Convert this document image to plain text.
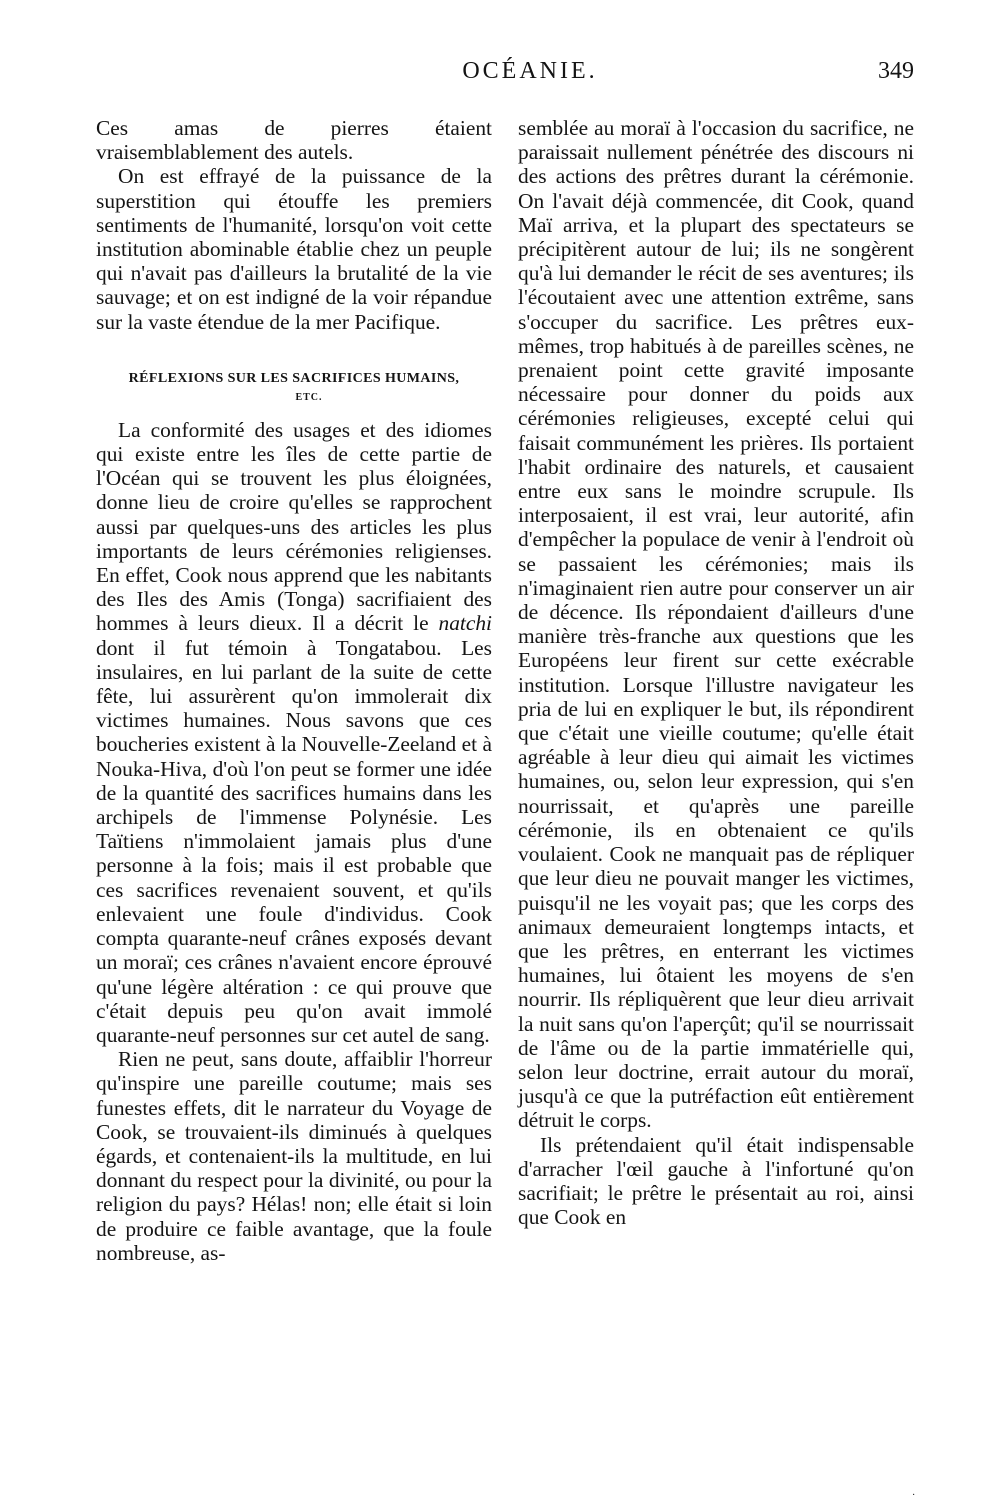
OCÉANIE.	349

Ces amas de pierres étaient vraisemblablement des autels.

On est effrayé de la puissance de la superstition qui étouffe les premiers sentiments de l'humanité, lorsqu'on voit cette institution abominable établie chez un peuple qui n'avait pas d'ailleurs la brutalité de la vie sauvage; et on est indigné de la voir répandue sur la vaste étendue de la mer Pacifique.

RÉFLEXIONS SUR LES SACRIFICES HUMAINS,
ETC.

La conformité des usages et des idiomes qui existe entre les îles de cette partie de l'Océan qui se trouvent les plus éloignées, donne lieu de croire qu'elles se rapprochent aussi par quelques-uns des articles les plus importants de leurs cérémonies religienses. En effet, Cook nous apprend que les nabitants des Iles des Amis (Tonga) sacrifiaient des hommes à leurs dieux. Il a décrit le natchi dont il fut témoin à Tongatabou. Les insulaires, en lui parlant de la suite de cette fête, lui assurèrent qu'on immolerait dix victimes humaines. Nous savons que ces boucheries existent à la Nouvelle-Zeeland et à Nouka-Hiva, d'où l'on peut se former une idée de la quantité des sacrifices humains dans les archipels de l'immense Polynésie. Les Taïtiens n'immolaient jamais plus d'une personne à la fois; mais il est probable que ces sacrifices revenaient souvent, et qu'ils enlevaient une foule d'individus. Cook compta quarante-neuf crânes exposés devant un moraï; ces crânes n'avaient encore éprouvé qu'une légère altération : ce qui prouve que c'était depuis peu qu'on avait immolé quarante-neuf personnes sur cet autel de sang.

Rien ne peut, sans doute, affaiblir l'horreur qu'inspire une pareille coutume; mais ses funestes effets, dit le narrateur du Voyage de Cook, se trouvaient-ils diminués à quelques égards, et contenaient-ils la multitude, en lui donnant du respect pour la divinité, ou pour la religion du pays? Hélas! non; elle était si loin de produire ce faible avantage, que la foule nombreuse, as-

semblée au moraï à l'occasion du sacrifice, ne paraissait nullement pénétrée des discours ni des actions des prêtres durant la cérémonie. On l'avait déjà commencée, dit Cook, quand Maï arriva, et la plupart des spectateurs se précipitèrent autour de lui; ils ne songèrent qu'à lui demander le récit de ses aventures; ils l'écoutaient avec une attention extrême, sans s'occuper du sacrifice. Les prêtres eux-mêmes, trop habitués à de pareilles scènes, ne prenaient point cette gravité imposante nécessaire pour donner du poids aux cérémonies religieuses, excepté celui qui faisait communément les prières. Ils portaient l'habit ordinaire des naturels, et causaient entre eux sans le moindre scrupule. Ils interposaient, il est vrai, leur autorité, afin d'empêcher la populace de venir à l'endroit où se passaient les cérémonies; mais ils n'imaginaient rien autre pour conserver un air de décence. Ils répondaient d'ailleurs d'une manière très-franche aux questions que les Européens leur firent sur cette exécrable institution. Lorsque l'illustre navigateur les pria de lui en expliquer le but, ils répondirent que c'était une vieille coutume; qu'elle était agréable à leur dieu qui aimait les victimes humaines, ou, selon leur expression, qui s'en nourrissait, et qu'après une pareille cérémonie, ils en obtenaient ce qu'ils voulaient. Cook ne manquait pas de répliquer que leur dieu ne pouvait manger les victimes, puisqu'il ne les voyait pas; que les corps des animaux demeuraient longtemps intacts, et que les prêtres, en enterrant les victimes humaines, lui ôtaient les moyens de s'en nourrir. Ils répliquèrent que leur dieu arrivait la nuit sans qu'on l'aperçût; qu'il se nourrissait de l'âme ou de la partie immatérielle qui, selon leur doctrine, errait autour du moraï, jusqu'à ce que la putréfaction eût entièrement détruit le corps.

Ils prétendaient qu'il était indispensable d'arracher l'œil gauche à l'infortuné qu'on sacrifiait; le prêtre le présentait au roi, ainsi que Cook en

·
